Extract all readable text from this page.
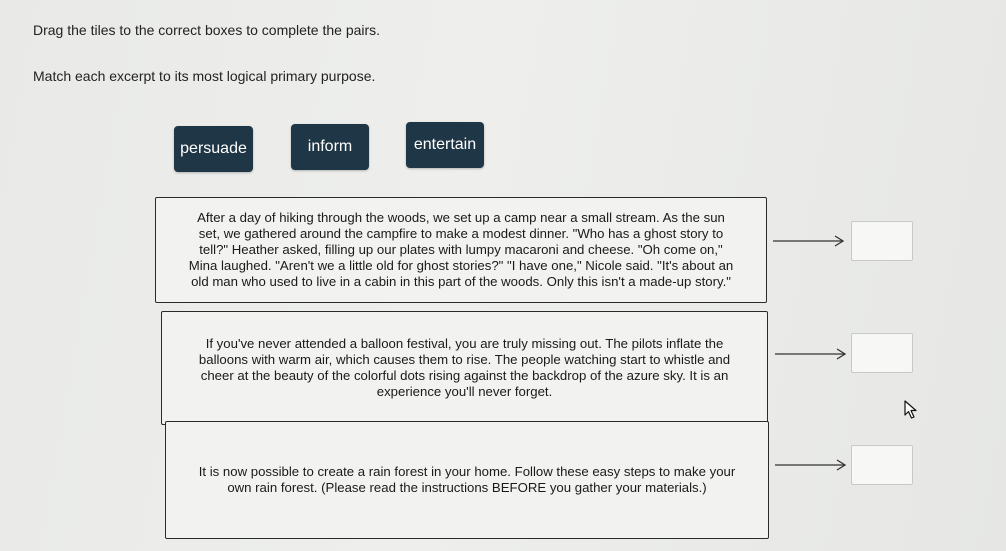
Drag the tiles to the correct boxes to complete the pairs.
Match each excerpt to its most logical primary purpose.
persuade	inform	entertain
After a day of hiking through the woods, we set up a camp near a small stream. As the sun
set, we gathered around the campfire to make a modest dinner. "Who has a ghost story to
tell?" Heather asked, filling up our plates with lumpy macaroni and cheese. "Oh come on,"
Mina laughed. "Aren't we a little old for ghost stories?" "I have one," Nicole said. "It's about an
old man who used to live in a cabin in this part of the woods. Only this isn't a made-up story."
If you've never attended a balloon festival, you are truly missing out. The pilots inflate the
balloons with warm air, which causes them to rise. The people watching start to whistle and
cheer at the beauty of the colorful dots rising against the backdrop of the azure sky. It is an
experience you'll never forget.
It is now possible to create a rain forest in your home. Follow these easy steps to make your
own rain forest. (Please read the instructions BEFORE you gather your materials.)
